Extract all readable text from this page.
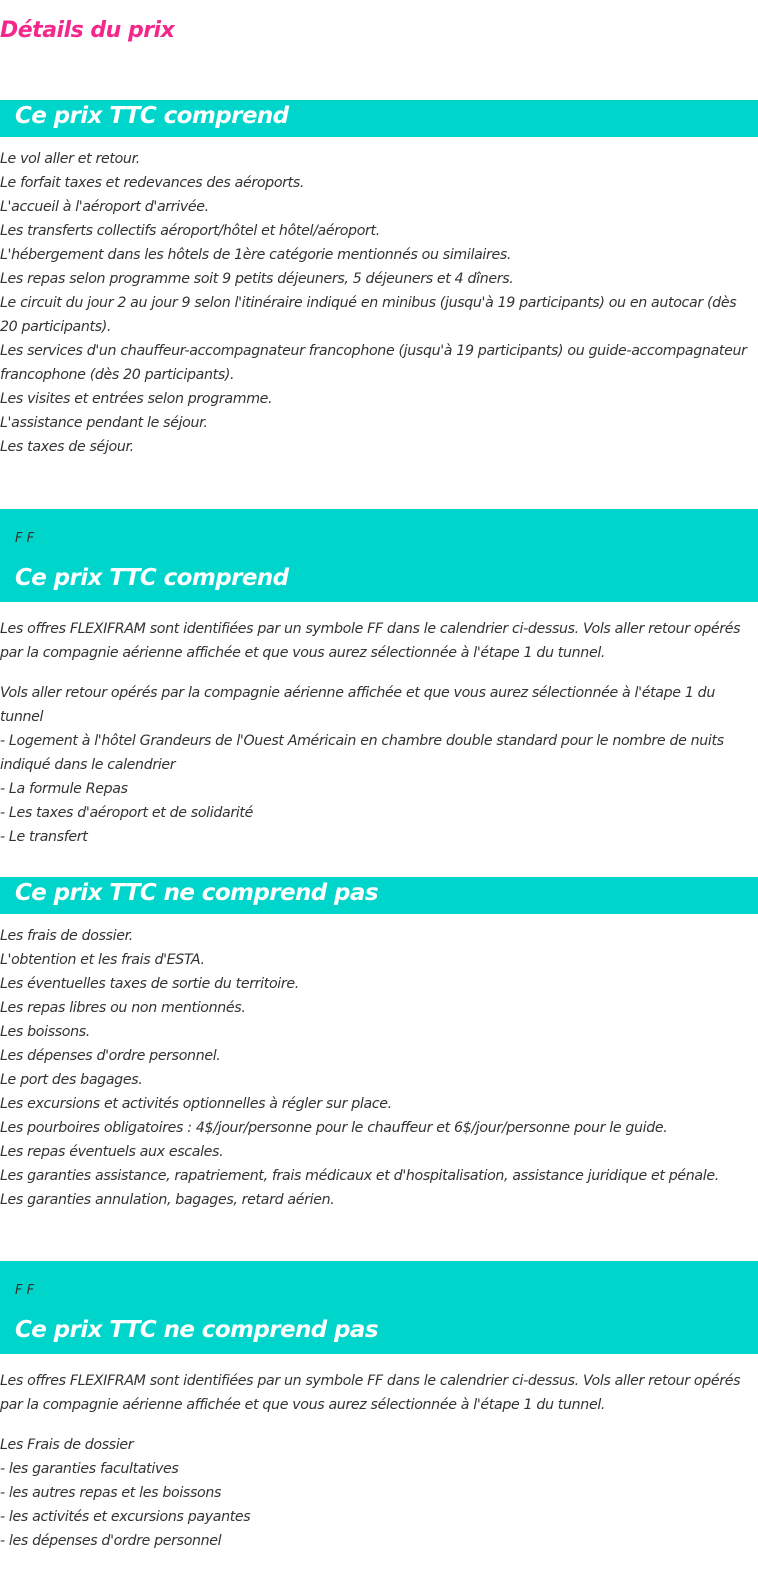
Détails du prix
Ce prix TTC comprend
Le vol aller et retour.
Le forfait taxes et redevances des aéroports.
L'accueil à l'aéroport d'arrivée.
Les transferts collectifs aéroport/hôtel et hôtel/aéroport.
L'hébergement dans les hôtels de 1ère catégorie mentionnés ou similaires.
Les repas selon programme soit 9 petits déjeuners, 5 déjeuners et 4 dîners.
Le circuit du jour 2 au jour 9 selon l'itinéraire indiqué en minibus (jusqu'à 19 participants) ou en autocar (dès 20 participants).
Les services d'un chauffeur-accompagnateur francophone (jusqu'à 19 participants) ou guide-accompagnateur francophone (dès 20 participants).
Les visites et entrées selon programme.
L'assistance pendant le séjour.
Les taxes de séjour.
F F
Ce prix TTC comprend
Les offres FLEXIFRAM sont identifiées par un symbole FF dans le calendrier ci-dessus. Vols aller retour opérés par la compagnie aérienne affichée et que vous aurez sélectionnée à l'étape 1 du tunnel.
Vols aller retour opérés par la compagnie aérienne affichée et que vous aurez sélectionnée à l'étape 1 du tunnel
- Logement à l'hôtel Grandeurs de l'Ouest Américain en chambre double standard pour le nombre de nuits indiqué dans le calendrier
- La formule Repas
- Les taxes d'aéroport et de solidarité
- Le transfert
Ce prix TTC ne comprend pas
Les frais de dossier.
L'obtention et les frais d'ESTA.
Les éventuelles taxes de sortie du territoire.
Les repas libres ou non mentionnés.
Les boissons.
Les dépenses d'ordre personnel.
Le port des bagages.
Les excursions et activités optionnelles à régler sur place.
Les pourboires obligatoires : 4$/jour/personne pour le chauffeur et 6$/jour/personne pour le guide.
Les repas éventuels aux escales.
Les garanties assistance, rapatriement, frais médicaux et d'hospitalisation, assistance juridique et pénale.
Les garanties annulation, bagages, retard aérien.
F F
Ce prix TTC ne comprend pas
Les offres FLEXIFRAM sont identifiées par un symbole FF dans le calendrier ci-dessus. Vols aller retour opérés par la compagnie aérienne affichée et que vous aurez sélectionnée à l'étape 1 du tunnel.
Les Frais de dossier
- les garanties facultatives
- les autres repas et les boissons
- les activités et excursions payantes
- les dépenses d'ordre personnel
